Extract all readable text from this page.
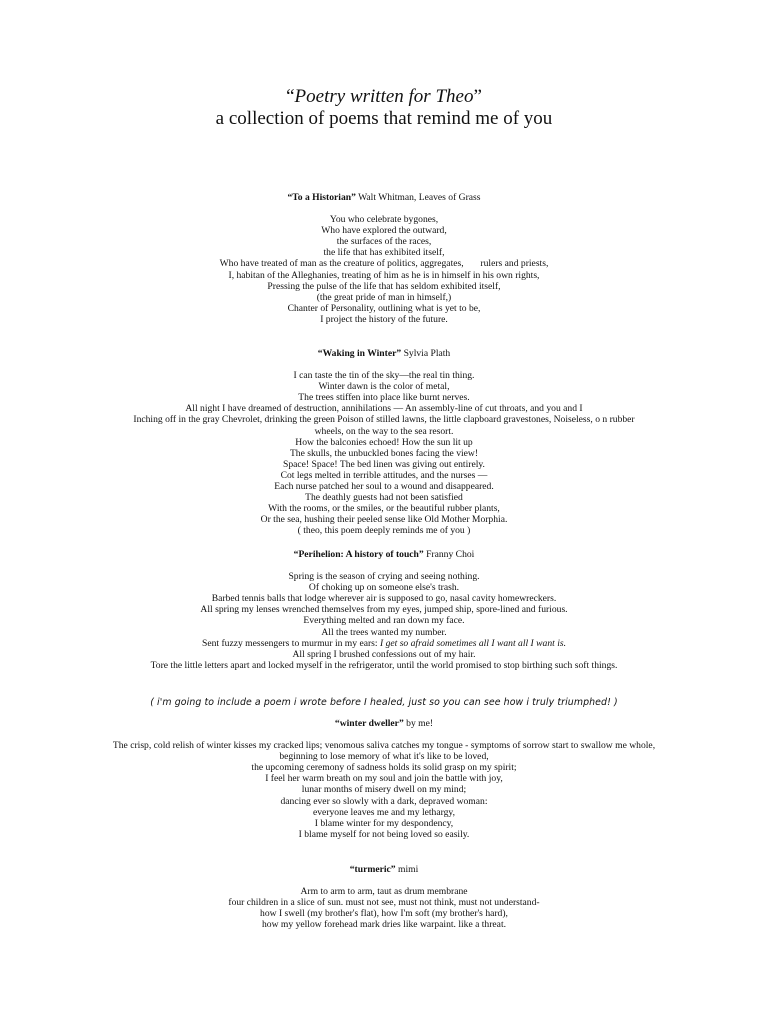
“Poetry written for Theo”
a collection of poems that remind me of you
“To a Historian” Walt Whitman, Leaves of Grass
You who celebrate bygones,
Who have explored the outward,
the surfaces of the races,
the life that has exhibited itself,
Who have treated of man as the creature of politics, aggregates,       rulers and priests,
I, habitan of the Alleghanies, treating of him as he is in himself in his own rights,
Pressing the pulse of the life that has seldom exhibited itself,
(the great pride of man in himself,)
Chanter of Personality, outlining what is yet to be,
I project the history of the future.
“Waking in Winter” Sylvia Plath
I can taste the tin of the sky—the real tin thing.
Winter dawn is the color of metal,
The trees stiffen into place like burnt nerves.
All night I have dreamed of destruction, annihilations — An assembly-line of cut throats, and you and I
Inching off in the gray Chevrolet, drinking the green Poison of stilled lawns, the little clapboard gravestones, Noiseless, o n rubber
wheels, on the way to the sea resort.
How the balconies echoed! How the sun lit up
The skulls, the unbuckled bones facing the view!
Space! Space! The bed linen was giving out entirely.
Cot legs melted in terrible attitudes, and the nurses —
Each nurse patched her soul to a wound and disappeared.
The deathly guests had not been satisfied
With the rooms, or the smiles, or the beautiful rubber plants,
Or the sea, hushing their peeled sense like Old Mother Morphia.
( theo, this poem deeply reminds me of you )
“Perihelion: A history of touch” Franny Choi
Spring is the season of crying and seeing nothing.
Of choking up on someone else's trash.
Barbed tennis balls that lodge wherever air is supposed to go, nasal cavity homewreckers.
All spring my lenses wrenched themselves from my eyes, jumped ship, spore-lined and furious.
Everything melted and ran down my face.
All the trees wanted my number.
Sent fuzzy messengers to murmur in my ears: I get so afraid sometimes all I want all I want is.
All spring I brushed confessions out of my hair.
Tore the little letters apart and locked myself in the refrigerator, until the world promised to stop birthing such soft things.
( i'm going to include a poem i wrote before I healed, just so you can see how i truly triumphed! )
“winter dweller” by me!
The crisp, cold relish of winter kisses my cracked lips; venomous saliva catches my tongue - symptoms of sorrow start to swallow me whole,
beginning to lose memory of what it's like to be loved,
the upcoming ceremony of sadness holds its solid grasp on my spirit;
I feel her warm breath on my soul and join the battle with joy,
lunar months of misery dwell on my mind;
dancing ever so slowly with a dark, depraved woman:
everyone leaves me and my lethargy,
I blame winter for my despondency,
I blame myself for not being loved so easily.
“turmeric” mimi
Arm to arm to arm, taut as drum membrane
four children in a slice of sun. must not see, must not think, must not understand-
how I swell (my brother's flat), how I'm soft (my brother's hard),
how my yellow forehead mark dries like warpaint. like a threat.
